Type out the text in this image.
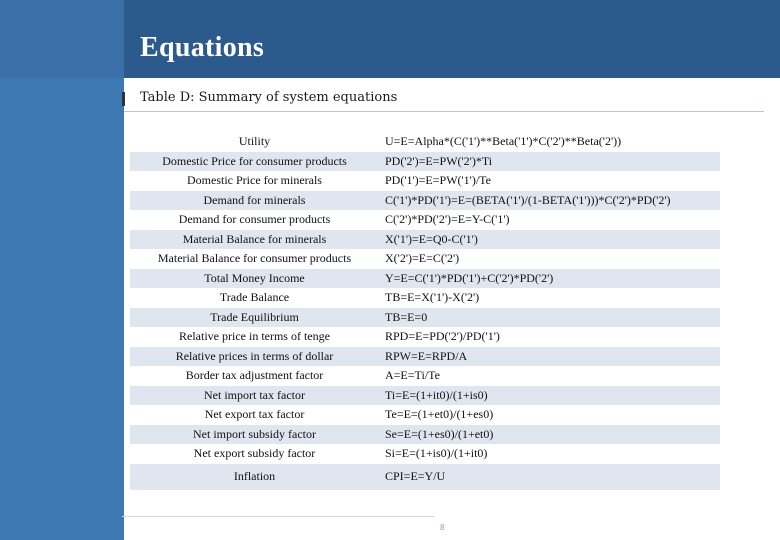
Equations
Table D: Summary of system equations
Utility	U=E=Alpha*(C('1')**Beta('1')*C('2')**Beta('2'))
Domestic Price for consumer products	PD('2')=E=PW('2')*Ti
Domestic Price for minerals	PD('1')=E=PW('1')/Te
Demand for minerals	C('1')*PD('1')=E=(BETA('1')/(1-BETA('1')))*C('2')*PD('2')
Demand for consumer products	C('2')*PD('2')=E=Y-C('1')
Material Balance for minerals	X('1')=E=Q0-C('1')
Material Balance for consumer products	X('2')=E=C('2')
Total Money Income	Y=E=C('1')*PD('1')+C('2')*PD('2')
Trade Balance	TB=E=X('1')-X('2')
Trade Equilibrium	TB=E=0
Relative price in terms of tenge	RPD=E=PD('2')/PD('1')
Relative prices in terms of dollar	RPW=E=RPD/A
Border tax adjustment factor	A=E=Ti/Te
Net import tax factor	Ti=E=(1+it0)/(1+is0)
Net export tax factor	Te=E=(1+et0)/(1+es0)
Net import subsidy factor	Se=E=(1+es0)/(1+et0)
Net export subsidy factor	Si=E=(1+is0)/(1+it0)
Inflation	CPI=E=Y/U
8
